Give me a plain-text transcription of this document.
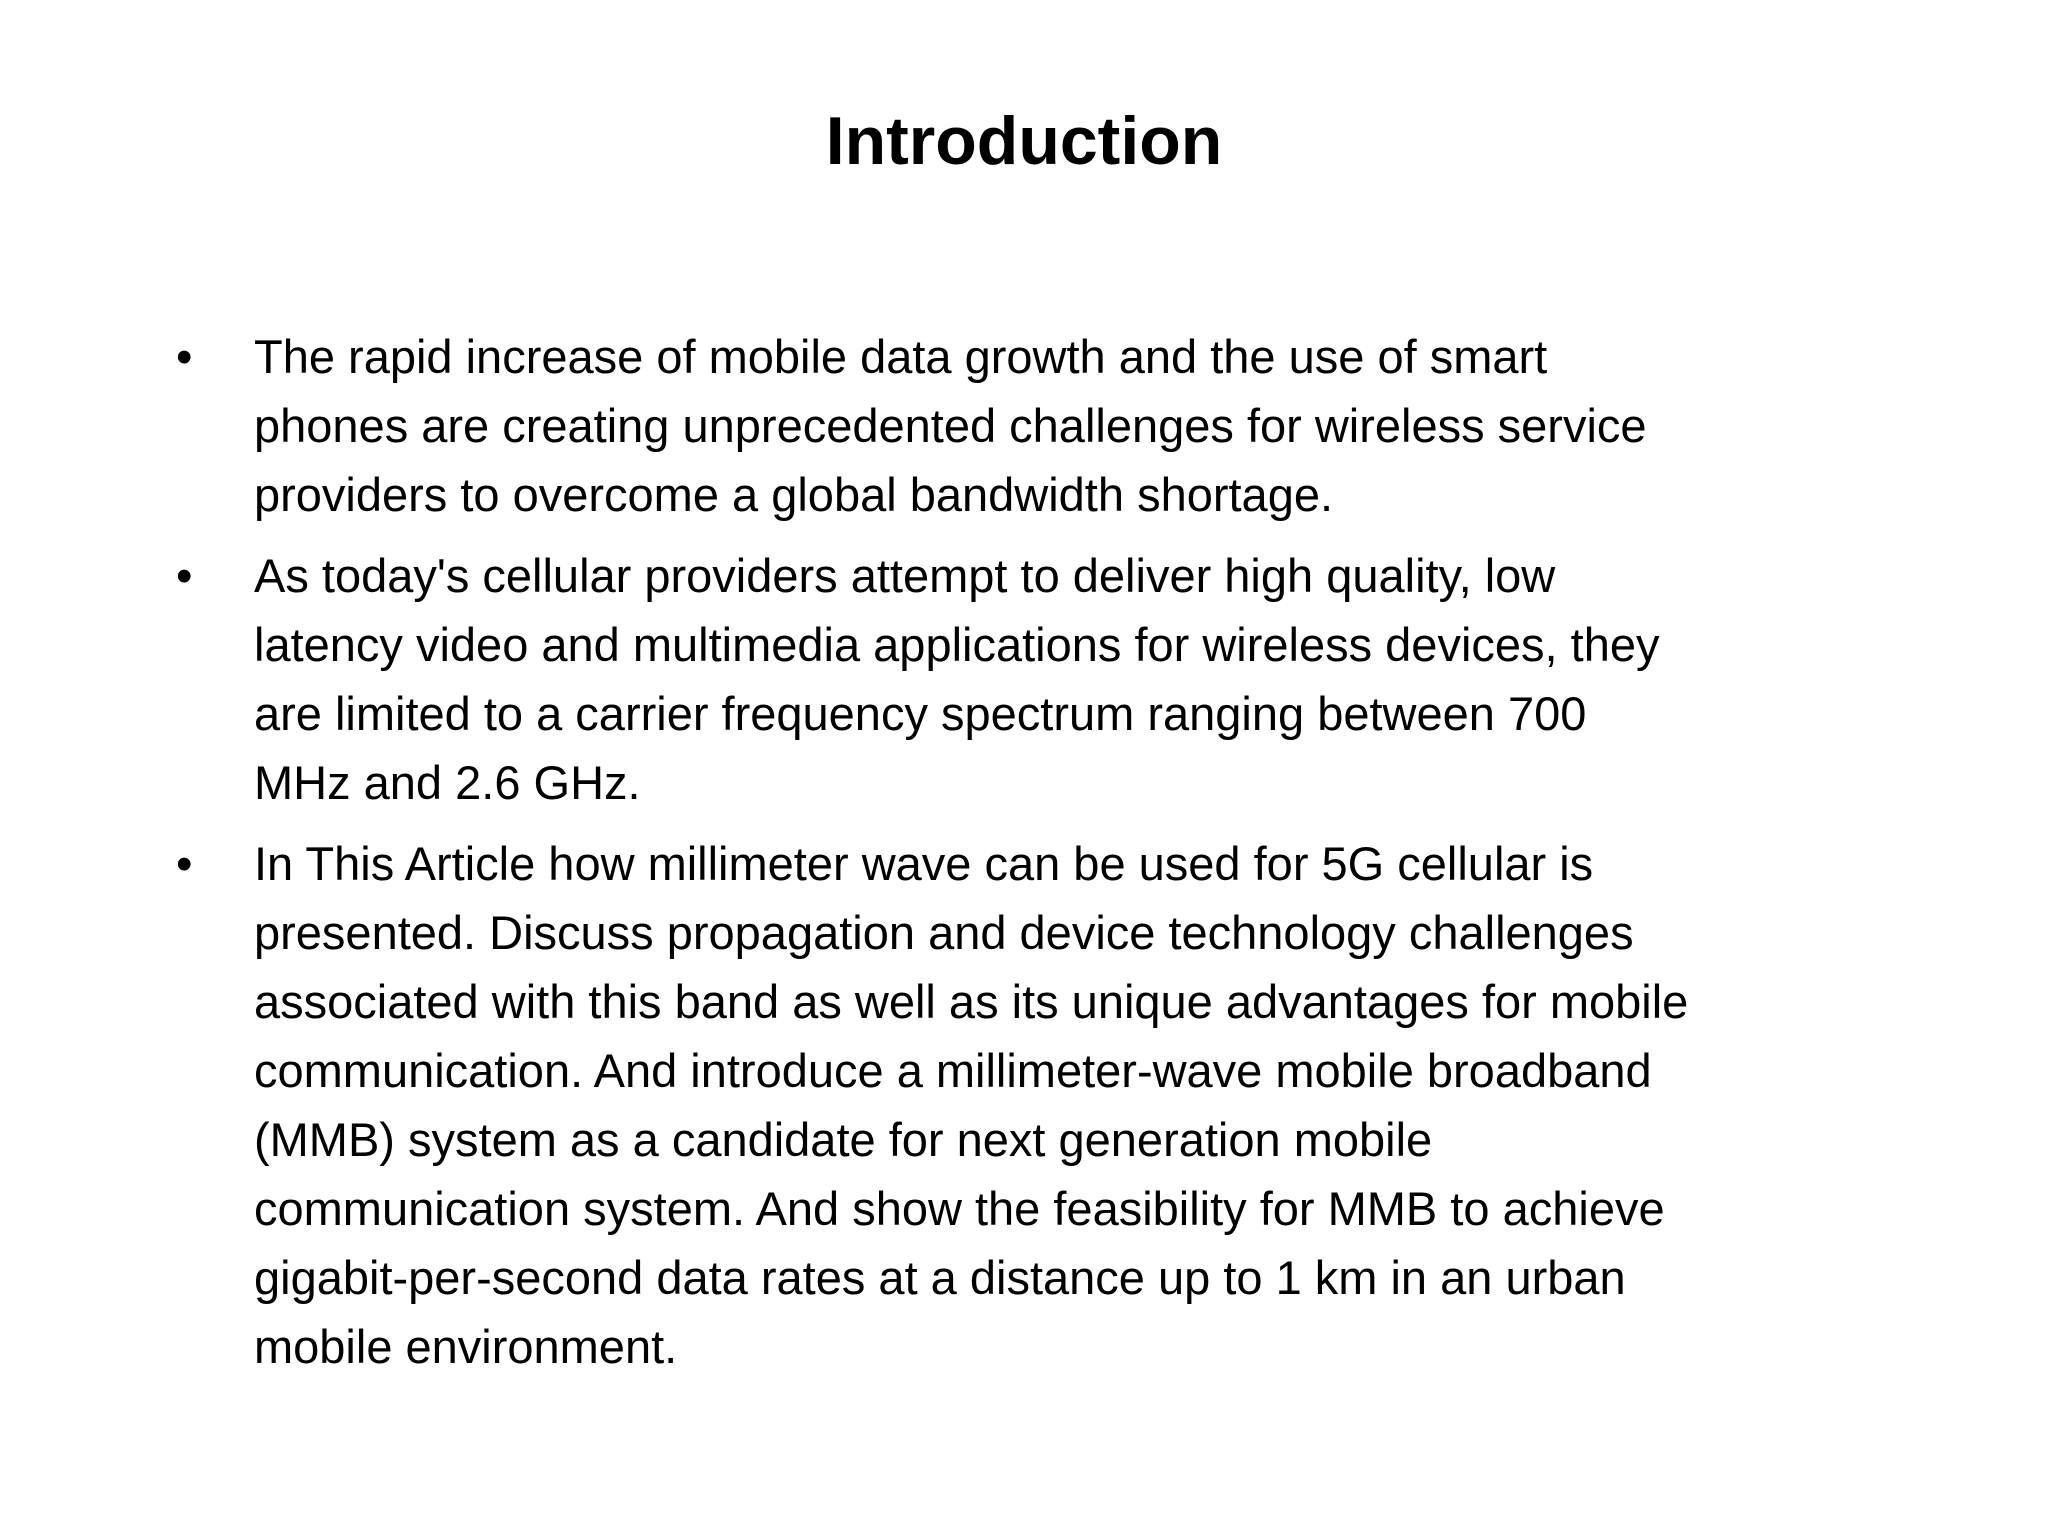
Introduction
•	The rapid increase of mobile data growth and the use of smart
phones are creating unprecedented challenges for wireless service
providers to overcome a global bandwidth shortage.
•	As today's cellular providers attempt to deliver high quality, low
latency video and multimedia applications for wireless devices, they
are limited to a carrier frequency spectrum ranging between 700
MHz and 2.6 GHz.
•	In This Article how millimeter wave can be used for 5G cellular is
presented. Discuss propagation and device technology challenges
associated with this band as well as its unique advantages for mobile
communication. And introduce a millimeter-wave mobile broadband
(MMB) system as a candidate for next generation mobile
communication system. And show the feasibility for MMB to achieve
gigabit-per-second data rates at a distance up to 1 km in an urban
mobile environment.
